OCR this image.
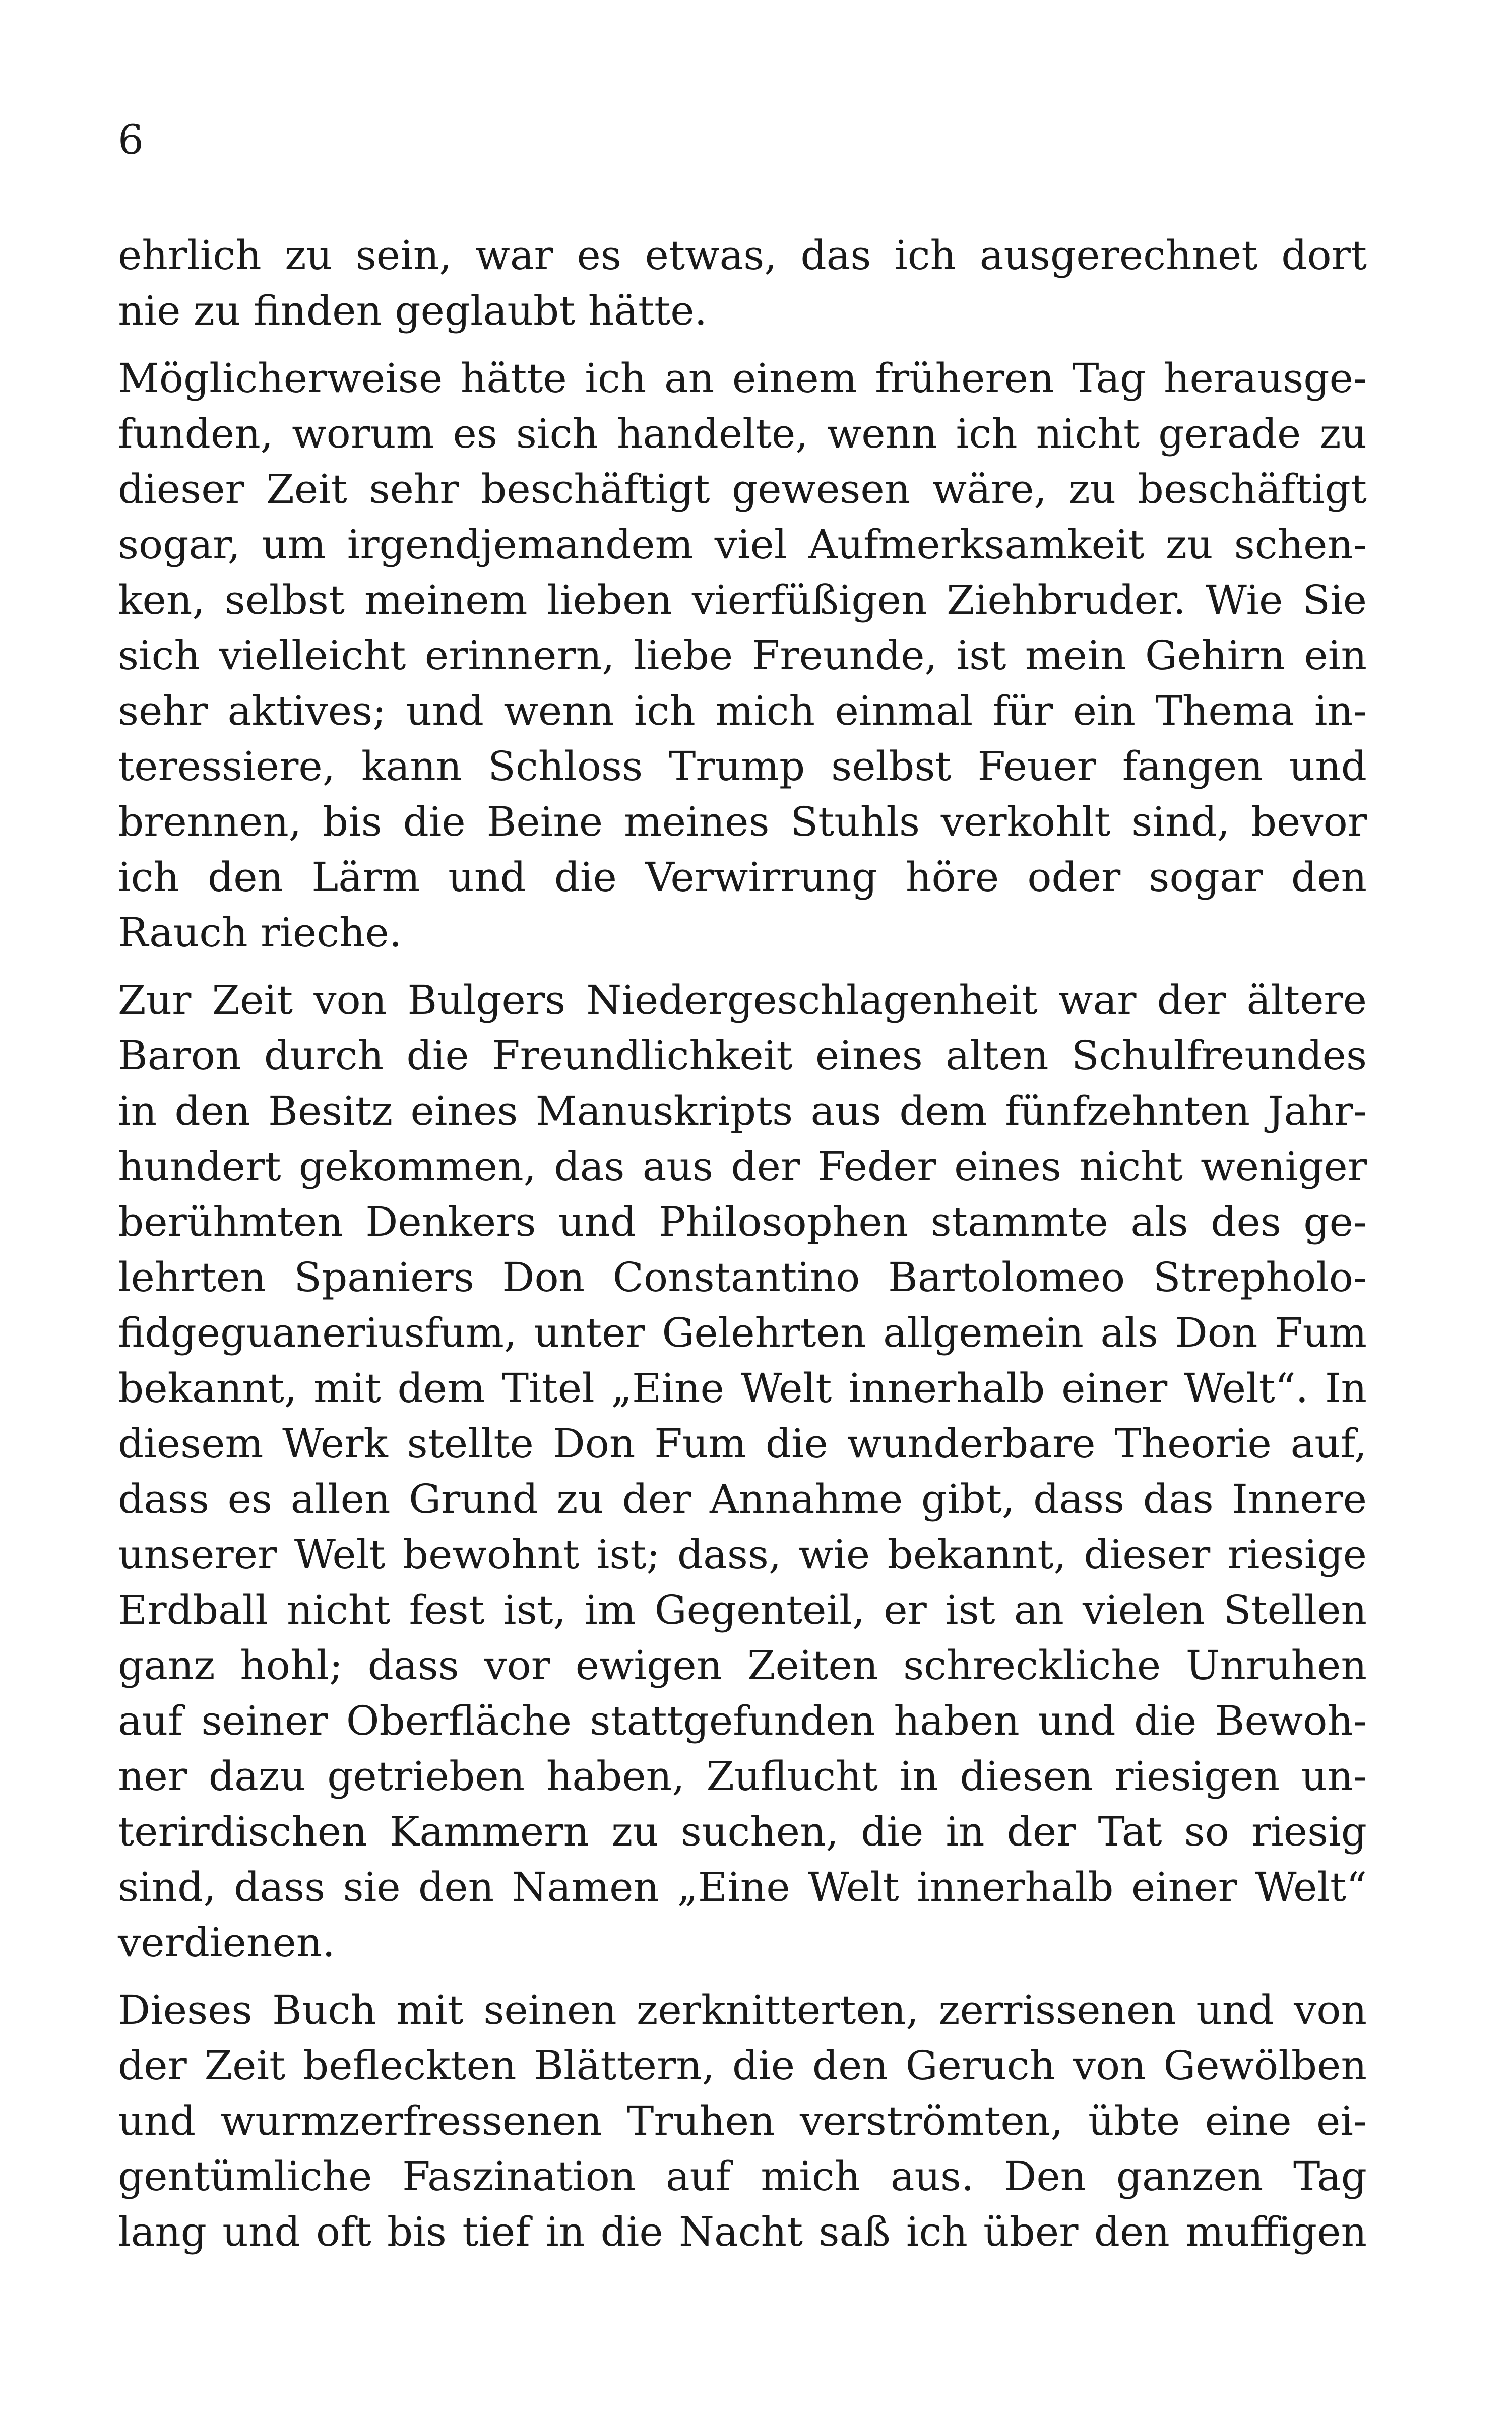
6

ehrlich zu sein, war es etwas, das ich ausgerechnet dort
nie zu finden geglaubt hätte.

Möglicherweise hätte ich an einem früheren Tag herausge-
funden, worum es sich handelte, wenn ich nicht gerade zu
dieser Zeit sehr beschäftigt gewesen wäre, zu beschäftigt
sogar, um irgendjemandem viel Aufmerksamkeit zu schen-
ken, selbst meinem lieben vierfüßigen Ziehbruder. Wie Sie
sich vielleicht erinnern, liebe Freunde, ist mein Gehirn ein
sehr aktives; und wenn ich mich einmal für ein Thema in-
teressiere, kann Schloss Trump selbst Feuer fangen und
brennen, bis die Beine meines Stuhls verkohlt sind, bevor
ich den Lärm und die Verwirrung höre oder sogar den
Rauch rieche.

Zur Zeit von Bulgers Niedergeschlagenheit war der ältere
Baron durch die Freundlichkeit eines alten Schulfreundes
in den Besitz eines Manuskripts aus dem fünfzehnten Jahr-
hundert gekommen, das aus der Feder eines nicht weniger
berühmten Denkers und Philosophen stammte als des ge-
lehrten Spaniers Don Constantino Bartolomeo Strepholo-
fidgeguaneriusfum, unter Gelehrten allgemein als Don Fum
bekannt, mit dem Titel „Eine Welt innerhalb einer Welt“. In
diesem Werk stellte Don Fum die wunderbare Theorie auf,
dass es allen Grund zu der Annahme gibt, dass das Innere
unserer Welt bewohnt ist; dass, wie bekannt, dieser riesige
Erdball nicht fest ist, im Gegenteil, er ist an vielen Stellen
ganz hohl; dass vor ewigen Zeiten schreckliche Unruhen
auf seiner Oberfläche stattgefunden haben und die Bewoh-
ner dazu getrieben haben, Zuflucht in diesen riesigen un-
terirdischen Kammern zu suchen, die in der Tat so riesig
sind, dass sie den Namen „Eine Welt innerhalb einer Welt“
verdienen.

Dieses Buch mit seinen zerknitterten, zerrissenen und von
der Zeit befleckten Blättern, die den Geruch von Gewölben
und wurmzerfressenen Truhen verströmten, übte eine ei-
gentümliche Faszination auf mich aus. Den ganzen Tag
lang und oft bis tief in die Nacht saß ich über den muffigen
